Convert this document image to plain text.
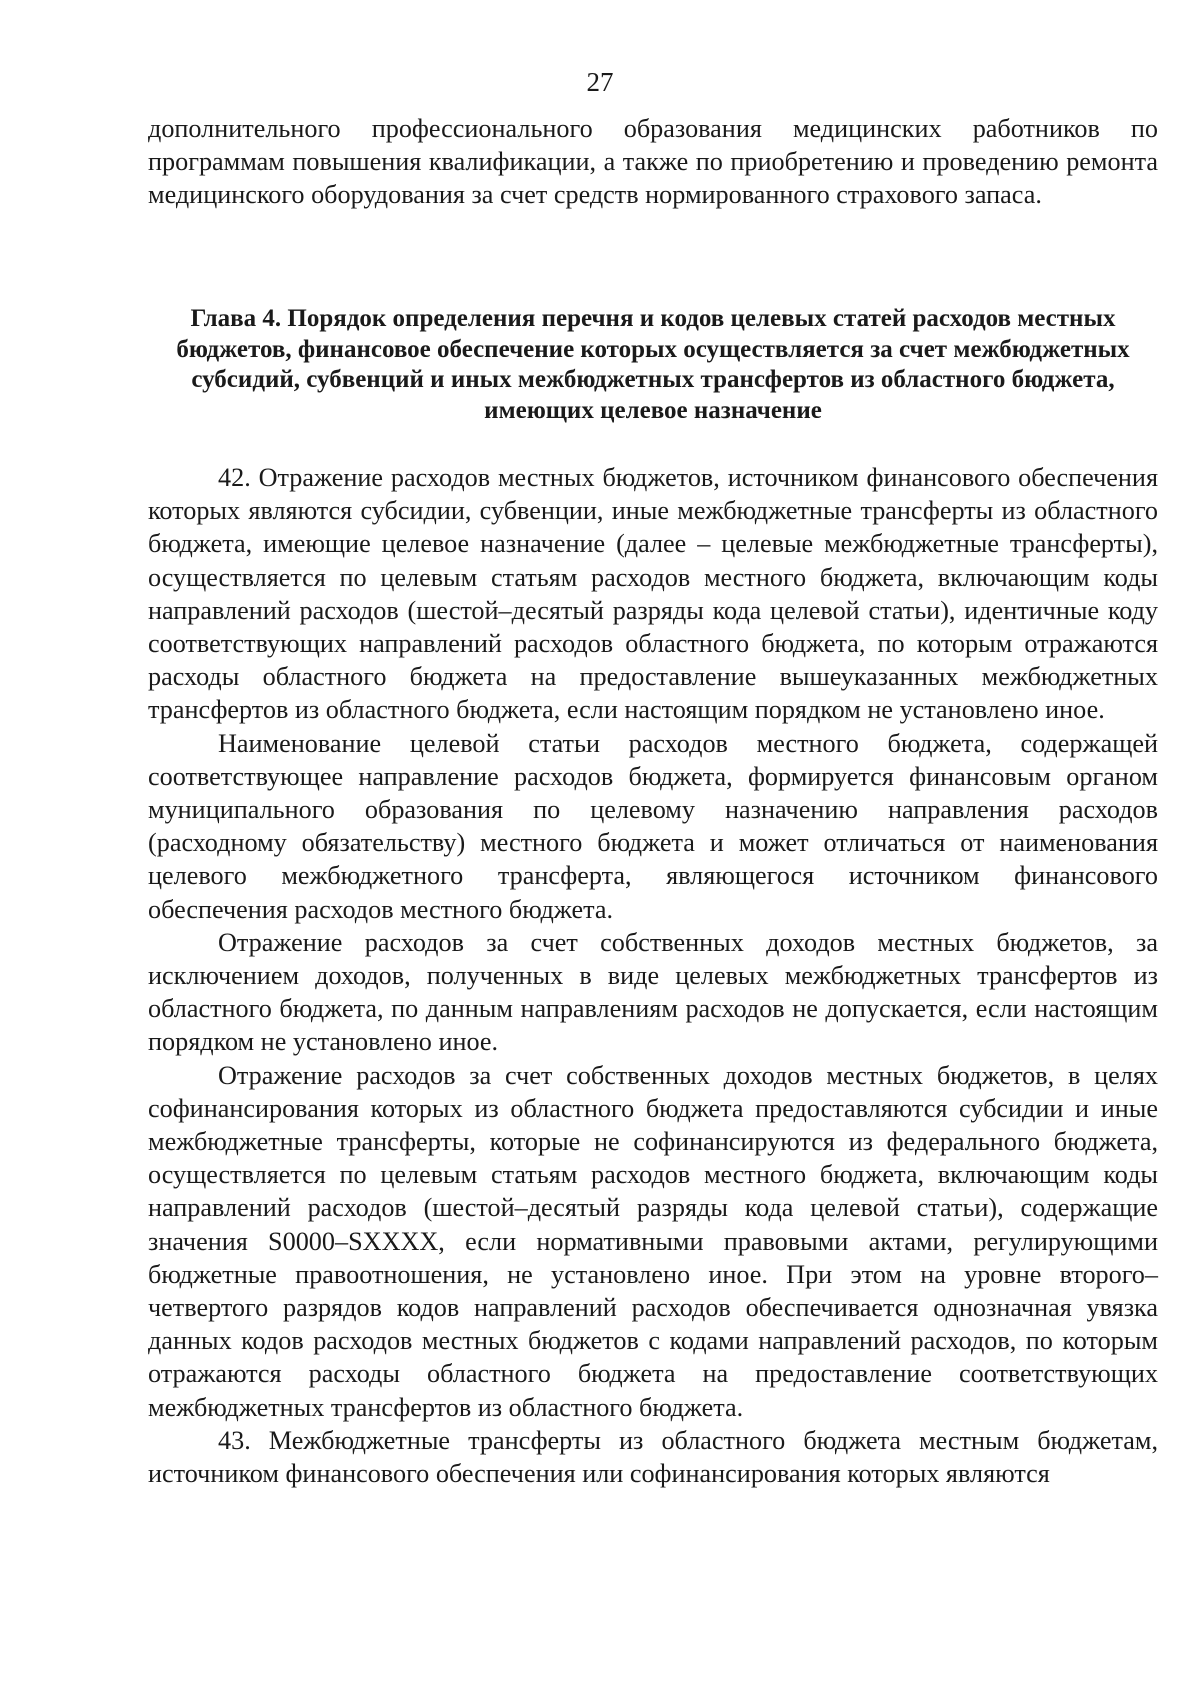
27

дополнительного профессионального образования медицинских работников по программам повышения квалификации, а также по приобретению и проведению ремонта медицинского оборудования за счет средств нормированного страхового запаса.

Глава 4. Порядок определения перечня и кодов целевых статей расходов местных бюджетов, финансовое обеспечение которых осуществляется за счет межбюджетных субсидий, субвенций и иных межбюджетных трансфертов из областного бюджета, имеющих целевое назначение

42. Отражение расходов местных бюджетов, источником финансового обеспечения которых являются субсидии, субвенции, иные межбюджетные трансферты из областного бюджета, имеющие целевое назначение (далее – целевые межбюджетные трансферты), осуществляется по целевым статьям расходов местного бюджета, включающим коды направлений расходов (шестой–десятый разряды кода целевой статьи), идентичные коду соответствующих направлений расходов областного бюджета, по которым отражаются расходы областного бюджета на предоставление вышеуказанных межбюджетных трансфертов из областного бюджета, если настоящим порядком не установлено иное.

Наименование целевой статьи расходов местного бюджета, содержащей соответствующее направление расходов бюджета, формируется финансовым органом муниципального образования по целевому назначению направления расходов (расходному обязательству) местного бюджета и может отличаться от наименования целевого межбюджетного трансферта, являющегося источником финансового обеспечения расходов местного бюджета.

Отражение расходов за счет собственных доходов местных бюджетов, за исключением доходов, полученных в виде целевых межбюджетных трансфертов из областного бюджета, по данным направлениям расходов не допускается, если настоящим порядком не установлено иное.

Отражение расходов за счет собственных доходов местных бюджетов, в целях софинансирования которых из областного бюджета предоставляются субсидии и иные межбюджетные трансферты, которые не софинансируются из федерального бюджета, осуществляется по целевым статьям расходов местного бюджета, включающим коды направлений расходов (шестой–десятый разряды кода целевой статьи), содержащие значения S0000–SXXXX, если нормативными правовыми актами, регулирующими бюджетные правоотношения, не установлено иное. При этом на уровне второго–четвертого разрядов кодов направлений расходов обеспечивается однозначная увязка данных кодов расходов местных бюджетов с кодами направлений расходов, по которым отражаются расходы областного бюджета на предоставление соответствующих межбюджетных трансфертов из областного бюджета.

43. Межбюджетные трансферты из областного бюджета местным бюджетам, источником финансового обеспечения или софинансирования которых являются
